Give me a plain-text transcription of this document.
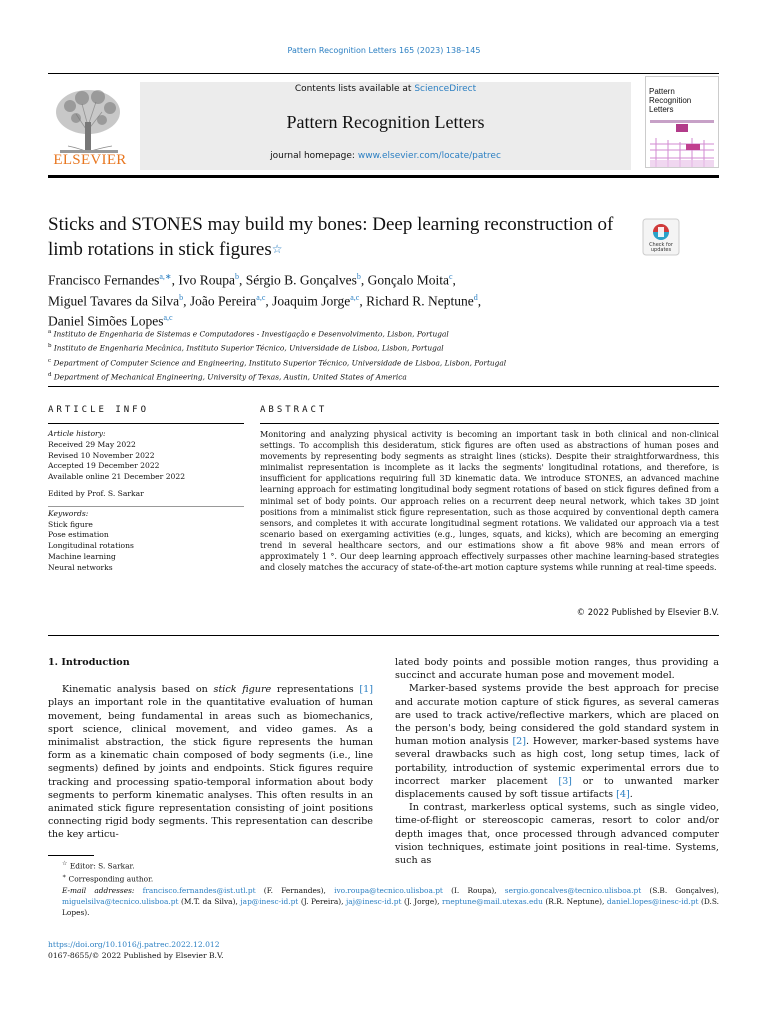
Pattern Recognition Letters 165 (2023) 138–145
ELSEVIER
Contents lists available at ScienceDirect
Pattern Recognition Letters
journal homepage: www.elsevier.com/locate/patrec
Pattern Recognition Letters
Sticks and STONES may build my bones: Deep learning reconstruction of limb rotations in stick figures☆	Check for
updates
Francisco Fernandes$^{a,∗}$, Ivo Roupa$^b$, Sérgio B. Gonçalves$^b$, Gonçalo Moita$^c$,
Miguel Tavares da Silva$^b$, João Pereira$^{a,c}$, Joaquim Jorge$^{a,c}$, Richard R. Neptune$^d$,
Daniel Simões Lopes$^{a,c}$
$^a$ Instituto de Engenharia de Sistemas e Computadores - Investigação e Desenvolvimento, Lisbon, Portugal
$^b$ Instituto de Engenharia Mecânica, Instituto Superior Técnico, Universidade de Lisboa, Lisbon, Portugal
$^c$ Department of Computer Science and Engineering, Instituto Superior Técnico, Universidade de Lisboa, Lisbon, Portugal
$^d$ Department of Mechanical Engineering, University of Texas, Austin, United States of America
ARTICLE INFO	ABSTRACT
Article history:
Received 29 May 2022
Revised 10 November 2022
Accepted 19 December 2022
Available online 21 December 2022
Edited by Prof. S. Sarkar
Keywords:
Stick figure
Pose estimation
Longitudinal rotations
Machine learning
Neural networks
Monitoring and analyzing physical activity is becoming an important task in both clinical and non-clinical settings. To accomplish this desideratum, stick figures are often used as abstractions of human poses and movements by representing body segments as straight lines (sticks). Despite their straightforwardness, this minimalist representation is incomplete as it lacks the segments' longitudinal rotations, and therefore, is insufficient for applications requiring full 3D kinematic data. We introduce STONES, an advanced machine learning approach for estimating longitudinal body segment rotations of based on stick figures defined from a minimal set of body points. Our approach relies on a recurrent deep neural network, which takes 3D joint positions from a minimalist stick figure representation, such as those acquired by conventional depth camera sensors, and completes it with accurate longitudinal segment rotations. We validated our approach via a test scenario based on exergaming activities (e.g., lunges, squats, and kicks), which are becoming an emerging trend in several healthcare sectors, and our estimations show a fit above 98% and mean errors of approximately 1 °. Our deep learning approach effectively surpasses other machine learning-based strategies and closely matches the accuracy of state-of-the-art motion capture systems while running at real-time speeds.
© 2022 Published by Elsevier B.V.
1. Introduction

Kinematic analysis based on stick figure representations [1] plays an important role in the quantitative evaluation of human movement, being fundamental in areas such as biomechanics, sport science, clinical movement, and video games. As a minimalist abstraction, the stick figure represents the human form as a kinematic chain composed of body segments (i.e., line segments) defined by joints and endpoints. Stick figures require tracking and processing spatio-temporal information about body segments to perform kinematic analyses. This often results in an animated stick figure representation consisting of joint positions connecting rigid body segments. This representation can describe the key articu-

lated body points and possible motion ranges, thus providing a succinct and accurate human pose and movement model.

Marker-based systems provide the best approach for precise and accurate motion capture of stick figures, as several cameras are used to track active/reflective markers, which are placed on the person's body, being considered the gold standard system in human motion analysis [2]. However, marker-based systems have several drawbacks such as high cost, long setup times, lack of portability, introduction of systemic experimental errors due to incorrect marker placement [3] or to unwanted marker displacements caused by soft tissue artifacts [4].

In contrast, markerless optical systems, such as single video, time-of-flight or stereoscopic cameras, resort to color and/or depth images that, once processed through advanced computer vision techniques, estimate joint positions in real-time. Systems, such as

☆ Editor: S. Sarkar.
∗ Corresponding author.
E-mail addresses: francisco.fernandes@ist.utl.pt (F. Fernandes), ivo.roupa@tecnico.ulisboa.pt (I. Roupa), sergio.goncalves@tecnico.ulisboa.pt (S.B. Gonçalves), miguelsilva@tecnico.ulisboa.pt (M.T. da Silva), jap@inesc-id.pt (J. Pereira), jaj@inesc-id.pt (J. Jorge), rneptune@mail.utexas.edu (R.R. Neptune), daniel.lopes@inesc-id.pt (D.S. Lopes).
https://doi.org/10.1016/j.patrec.2022.12.012
0167-8655/© 2022 Published by Elsevier B.V.
